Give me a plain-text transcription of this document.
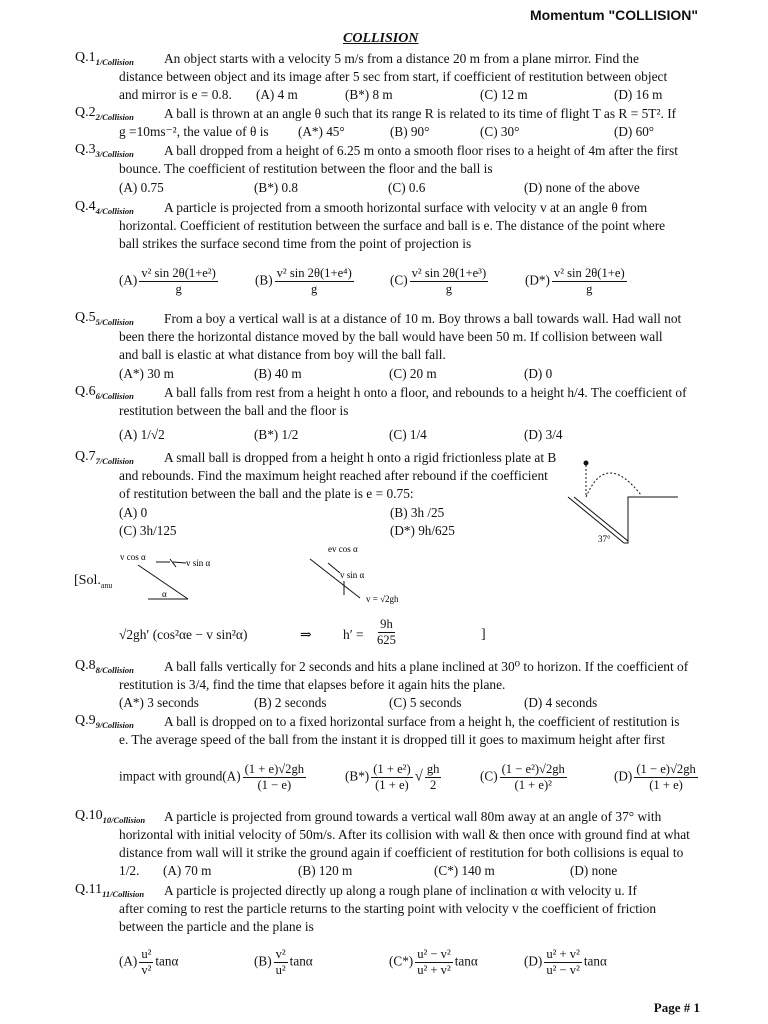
Momentum "COLLISION"
COLLISION
$Q.1_{1/Collision}$ An object starts with a velocity 5 m/s from a distance 20 m from a plane mirror. Find the
distance between object and its image after 5 sec from start, if coefficient of restitution between object
and mirror is e = 0.8. (A) 4 m	(B*) 8 m	(C) 12 m	(D) 16 m
$Q.2_{2/Collision}$ A ball is thrown at an angle θ such that its range R is related to its time of flight T as R = 5T². If
g =10ms⁻², the value of θ is (A*) 45°	(B) 90°	(C) 30°	(D) 60°
$Q.3_{3/Collision}$ A ball dropped from a height of 6.25 m onto a smooth floor rises to a height of 4m after the first
bounce. The coefficient of restitution between the floor and the ball is
(A) 0.75	(B*) 0.8	(C) 0.6	(D) none of the above
$Q.4_{4/Collision}$ A particle is projected from a smooth horizontal surface with velocity v at an angle θ from
horizontal. Coefficient of restitution between the surface and ball is e. The distance of the point where
ball strikes the surface second time from the point of projection is
$(A) \frac{\text{v² sin 2θ(1+e²)}}{g}$	$(B) \frac{\text{v² sin 2θ(1+e⁴)}}{g}$	$(C) \frac{\text{v² sin 2θ(1+e³)}}{g}$	$(D*) \frac{\text{v² sin 2θ(1+e)}}{g}$
$Q.5_{5/Collision}$ From a boy a vertical wall is at a distance of 10 m. Boy throws a ball towards wall. Had wall not
been there the horizontal distance moved by the ball would have been 50 m. If collision between wall
and ball is elastic at what distance from boy will the ball fall.
(A*) 30 m	(B) 40 m	(C) 20 m	(D) 0
$Q.6_{6/Collision}$ A ball falls from rest from a height h onto a floor, and rebounds to a height h/4. The coefficient of
restitution between the ball and the floor is
(A) 1/√2	(B*) 1/2	(C) 1/4	(D) 3/4
$Q.7_{7/Collision}$ A small ball is dropped from a height h onto a rigid frictionless plate at B
and rebounds. Find the maximum height reached after rebound if the coefficient
of restitution between the ball and the plate is e = 0.75:
(A) 0	(B) 3h /25
(C) 3h/125	(D*) 9h/625
37°
v cos α
v sin α
α
ev cos α
v sin α
v = √2gh
[$Sol._{anu}$
√2gh′ (cos²αe − v sin²α)	⇒ $h' = \frac{9h}{625}$	]
$Q.8_{8/Collision}$ A ball falls vertically for 2 seconds and hits a plane inclined at 30⁰ to horizon. If the coefficient of
restitution is 3/4, find the time that elapses before it again hits the plane.
(A*) 3 seconds	(B) 2 seconds	(C) 5 seconds	(D) 4 seconds
$Q.9_{9/Collision}$ A ball is dropped on to a fixed horizontal surface from a height h, the coefficient of restitution is
e. The average speed of the ball from the instant it is dropped till it goes to maximum height after first
impact with ground(A) $\frac{(1 + e)√2gh}{(1 - e)}$	$(B*) \frac{\text{(1 + e²)}}{(1 + e)}$ √ $\frac{gh}{2}$	$(C) \frac{\text{(1 − e²)√2gh}}{\text{(1 + e)²}}$	$(D) \frac{(1 - e)√2gh}{(1 + e)}$
$Q.10_{10/Collision}$ A particle is projected from ground towards a vertical wall 80m away at an angle of 37° with
horizontal with initial velocity of 50m/s. After its collision with wall & then once with ground find at what
distance from wall will it strike the ground again if coefficient of restitution for both collisions is equal to
1/2. (A) 70 m	(B) 120 m	(C*) 140 m	(D) none
$Q.11_{11/Collision}$ A particle is projected directly up along a rough plane of inclination α with velocity u. If
after coming to rest the particle returns to the starting point with velocity v the coefficient of friction
between the particle and the plane is
$(A) \frac{\text{u²}}{\text{v²}}$ tanα	$(B) \frac{\text{v²}}{\text{u²}}$ tanα	$(C*) \frac{\text{u² − v²}}{\text{u² + v²}}$ tanα	$(D) \frac{\text{u² + v²}}{\text{u² − v²}}$ tanα
Page # 1
